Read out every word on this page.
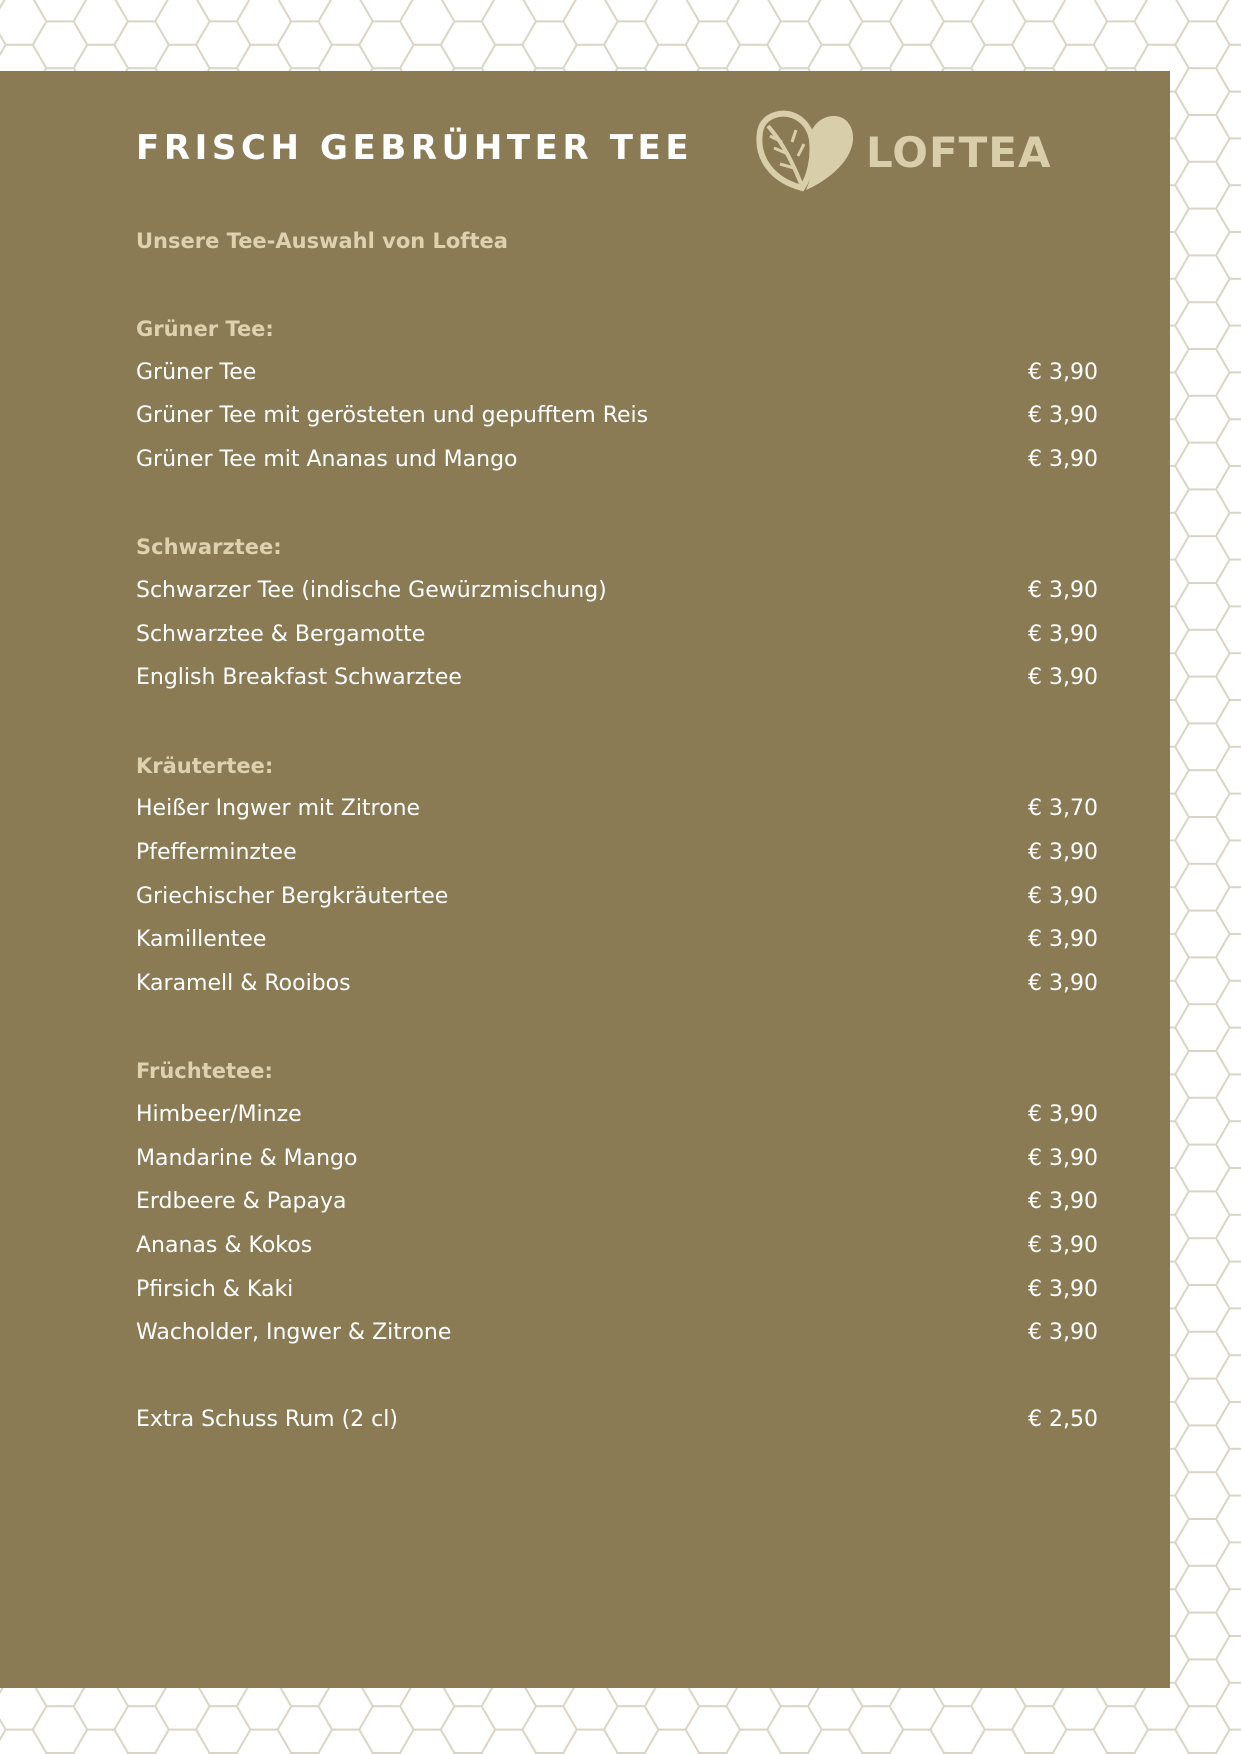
FRISCH GEBRÜHTER TEE	LOFTEA
Unsere Tee-Auswahl von Loftea
Grüner Tee:
Grüner Tee	€ 3,90
Grüner Tee mit gerösteten und gepufftem Reis	€ 3,90
Grüner Tee mit Ananas und Mango	€ 3,90
Schwarztee:
Schwarzer Tee (indische Gewürzmischung)	€ 3,90
Schwarztee & Bergamotte	€ 3,90
English Breakfast Schwarztee	€ 3,90
Kräutertee:
Heißer Ingwer mit Zitrone	€ 3,70
Pfefferminztee	€ 3,90
Griechischer Bergkräutertee	€ 3,90
Kamillentee	€ 3,90
Karamell & Rooibos	€ 3,90
Früchtetee:
Himbeer/Minze	€ 3,90
Mandarine & Mango	€ 3,90
Erdbeere & Papaya	€ 3,90
Ananas & Kokos	€ 3,90
Pfirsich & Kaki	€ 3,90
Wacholder, Ingwer & Zitrone	€ 3,90
Extra Schuss Rum (2 cl)	€ 2,50
